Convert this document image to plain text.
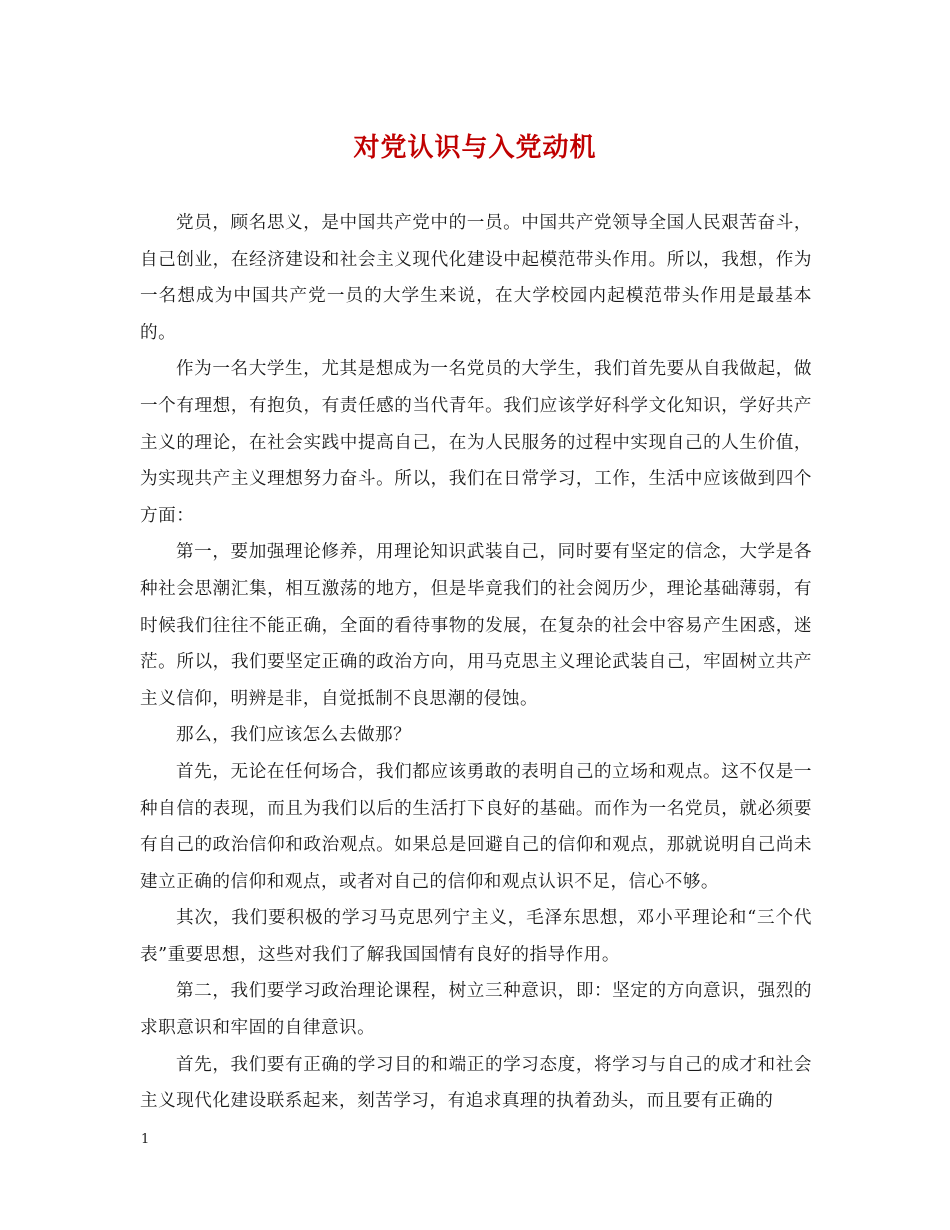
对党认识与入党动机

党员，顾名思义，是中国共产党中的一员。中国共产党领导全国人民艰苦奋斗，自己创业，在经济建设和社会主义现代化建设中起模范带头作用。所以，我想，作为一名想成为中国共产党一员的大学生来说，在大学校园内起模范带头作用是最基本的。

作为一名大学生，尤其是想成为一名党员的大学生，我们首先要从自我做起，做一个有理想，有抱负，有责任感的当代青年。我们应该学好科学文化知识，学好共产主义的理论，在社会实践中提高自己，在为人民服务的过程中实现自己的人生价值，为实现共产主义理想努力奋斗。所以，我们在日常学习，工作，生活中应该做到四个方面：

第一，要加强理论修养，用理论知识武装自己，同时要有坚定的信念，大学是各种社会思潮汇集，相互激荡的地方，但是毕竟我们的社会阅历少，理论基础薄弱，有时候我们往往不能正确，全面的看待事物的发展，在复杂的社会中容易产生困惑，迷茫。所以，我们要坚定正确的政治方向，用马克思主义理论武装自己，牢固树立共产主义信仰，明辨是非，自觉抵制不良思潮的侵蚀。

那么，我们应该怎么去做那？

首先，无论在任何场合，我们都应该勇敢的表明自己的立场和观点。这不仅是一种自信的表现，而且为我们以后的生活打下良好的基础。而作为一名党员，就必须要有自己的政治信仰和政治观点。如果总是回避自己的信仰和观点，那就说明自己尚未建立正确的信仰和观点，或者对自己的信仰和观点认识不足，信心不够。

其次，我们要积极的学习马克思列宁主义，毛泽东思想，邓小平理论和“三个代表”重要思想，这些对我们了解我国国情有良好的指导作用。

第二，我们要学习政治理论课程，树立三种意识，即：坚定的方向意识，强烈的求职意识和牢固的自律意识。

首先，我们要有正确的学习目的和端正的学习态度，将学习与自己的成才和社会主义现代化建设联系起来，刻苦学习，有追求真理的执着劲头，而且要有正确的

1
